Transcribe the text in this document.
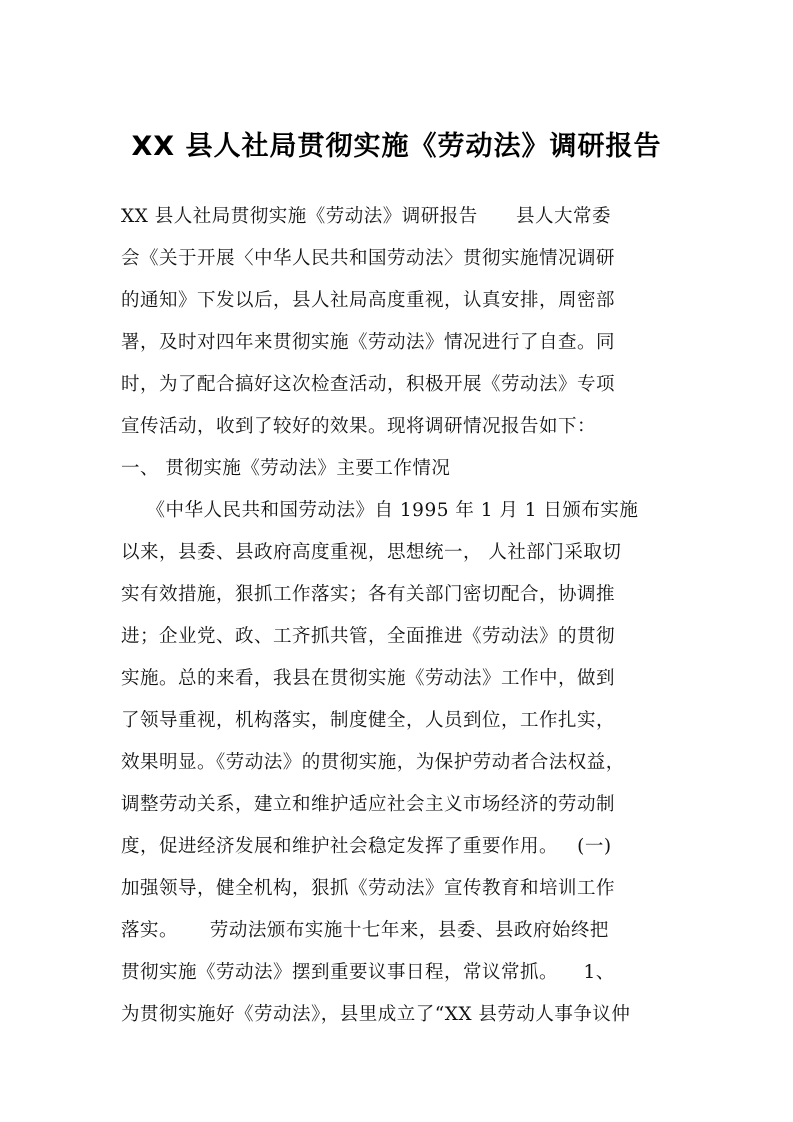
XX 县人社局贯彻实施《劳动法》调研报告
XX 县人社局贯彻实施《劳动法》调研报告      县人大常委
会《关于开展〈中华人民共和国劳动法〉贯彻实施情况调研
的通知》下发以后，县人社局高度重视，认真安排，周密部
署，及时对四年来贯彻实施《劳动法》情况进行了自查。同
时，为了配合搞好这次检查活动，积极开展《劳动法》专项
宣传活动，收到了较好的效果。现将调研情况报告如下：
一、 贯彻实施《劳动法》主要工作情况
《中华人民共和国劳动法》自 1995 年 1 月 1 日颁布实施
以来，县委、县政府高度重视，思想统一， 人社部门采取切
实有效措施，狠抓工作落实；各有关部门密切配合，协调推
进；企业党、政、工齐抓共管，全面推进《劳动法》的贯彻
实施。总的来看，我县在贯彻实施《劳动法》工作中，做到
了领导重视，机构落实，制度健全，人员到位，工作扎实，
效果明显。《劳动法》的贯彻实施，为保护劳动者合法权益，
调整劳动关系，建立和维护适应社会主义市场经济的劳动制
度，促进经济发展和维护社会稳定发挥了重要作用。   (一)
加强领导，健全机构，狠抓《劳动法》宣传教育和培训工作
落实。     劳动法颁布实施十七年来，县委、县政府始终把
贯彻实施《劳动法》摆到重要议事日程，常议常抓。    1、
为贯彻实施好《劳动法》，县里成立了“XX 县劳动人事争议仲
